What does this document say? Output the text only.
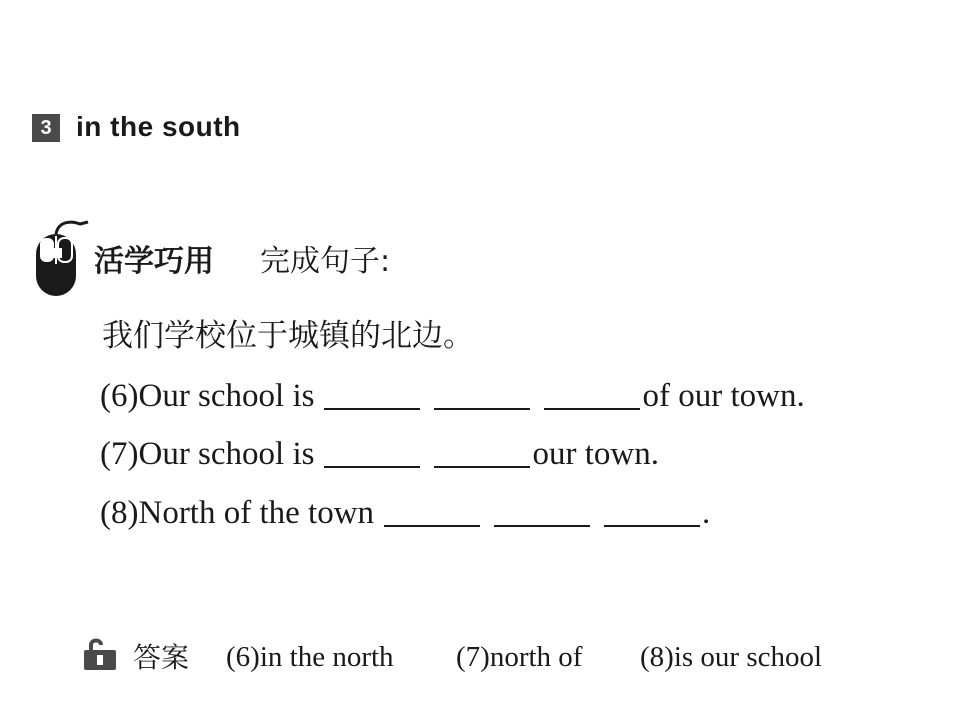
3 in the south
活学巧用 完成句子:
我们学校位于城镇的北边。
(6) Our school is	of our town.
(7) Our school is	our town.
(8) North of the town	.
答案 (6)in the north (7)north of (8)is our school
